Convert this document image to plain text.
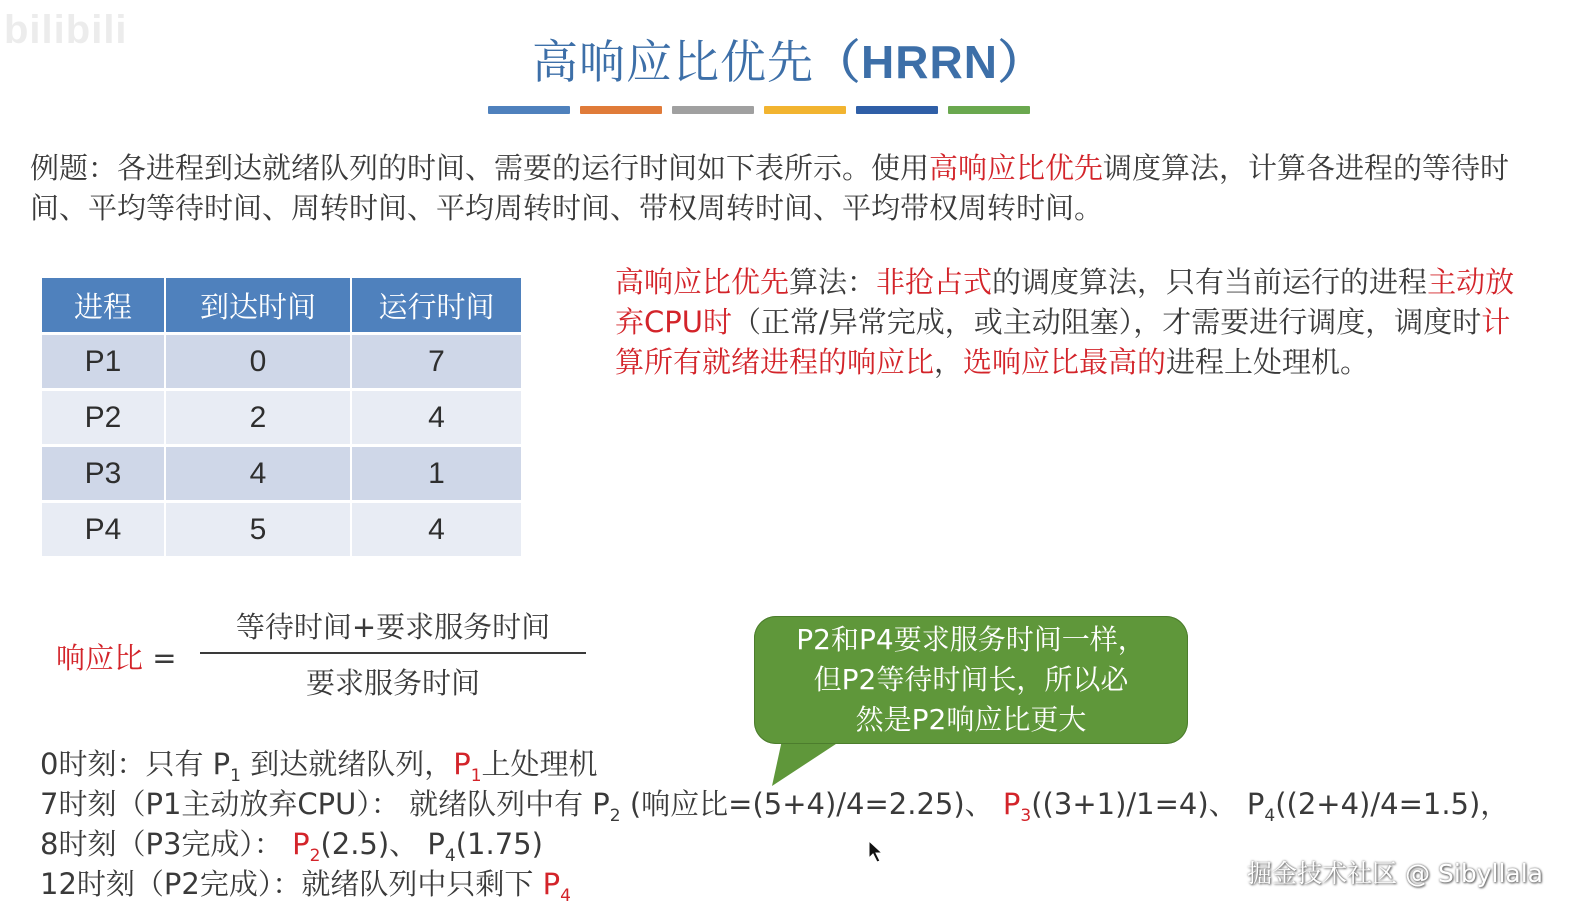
bilibili
高响应比优先（HRRN）
例题：各进程到达就绪队列的时间、需要的运行时间如下表所示。使用高响应比优先调度算法，计算各进程的等待时间、平均等待时间、周转时间、平均周转时间、带权周转时间、平均带权周转时间。
进程	到达时间	运行时间
P1	0	7
P2	2	4
P3	4	1
P4	5	4
高响应比优先算法：非抢占式的调度算法，只有当前运行的进程主动放弃CPU时（正常/异常完成，或主动阻塞），才需要进行调度，调度时计算所有就绪进程的响应比，选响应比最高的进程上处理机。
响应比 =
等待时间+要求服务时间
要求服务时间
P2和P4要求服务时间一样，
但P2等待时间长，所以必
然是P2响应比更大
0时刻：只有 $P_1$ 到达就绪队列，$P_1$上处理机
7时刻（P1主动放弃CPU）： 就绪队列中有 $P_2$ (响应比=(5+4)/4=2.25)、 $P_3((3+1)/1=4)$、 $P_4((2+4)/4=1.5)$，
8时刻（P3完成）： $P_2(2.5)$、 $P_4(1.75)$
12时刻（P2完成）：就绪队列中只剩下 $P_4$
掘金技术社区 @ Sibyllala
